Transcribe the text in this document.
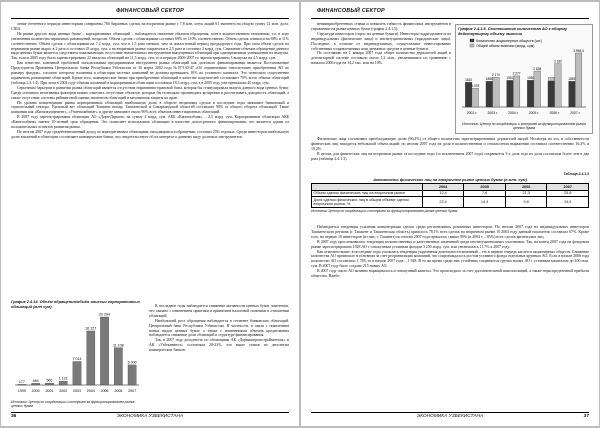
ФИНАНСОВЫЙ СЕКТОР

ление отечетного периода инвесторами совершены 766 биржевых сделок на вторичном рынке с 7,8 млн. штук акций 61 эмитента на общую сумму 12 млн. долл. США.

На рынке другого вида ценных бумаг – корпоративных облигаций – наблюдается снижение объемов обращения, хотя в количественном отношении, т.е. в ходе увеличения количества первичных размещений, возросли. Объем сделок с облигациями составил 69% от 110% соответственно. Объем сделок снизился на 68% и 11% соответственно. Объём сделок с облигациями на 7,2 млрд. сум, что в 1,5 раза меньше, чем за аналогичный период предыдущего года. При этом объем сделок на первичном рынке вырос в 2 раза и составил 43 млрд. сум, а на вторичном рынке сократился в 2,5 раза и составил 2 млрд. сум. Снижение объемов обращения данного вида ценных бумаг является следствием показывающих отсутствие значительных инструментов выпущенных облигаций при одновременном уменьшении их выпуска. Так, если в 2005 году было зарегистрировано 22 выпуска облигаций на 11,5 млрд. сум, то в периоде 2006-2007 гг. зарегистрировано 3 выпуска на 4,5 млрд. сум.

Как известно, ключевой проблемой использования предприятиями инструмента рынка облигаций как долгового финансирования является Постановление Председателя Правления Центрального банка Республики Узбекистан от 30 марта 2002 года №07/130-47 «Об ограничениях относительно приобретения АО по размеру фондов», согласно которому вложения в облигации частных компаний не должны превышать 10% их уставного капитала. Это позволило существенно ограничить размещение облигаций. Кроме того, коммерческие банки при приобретении облигаций в качестве покупателей составляют 70% всего объема облигаций (таблица 2.4.1.4). При этом в 2004 году объемы вложений в корпоративные облигации составили 18,3 млрд. сум, а в 2005 году уже превысили 40 млрд. сум.

Серьезным барьером в развитии рынка облигаций является отсутствие нормативно-правовой базы, которая бы стимулировала выпуск данного вида ценных бумаг. Среди основных негативных факторов можно отметить отсутствие объектов, которые бы позволяли производить котировки и рассчитывать доходность облигаций, а также отсутствие системы рейтинговой оценки эмитентов облигаций и механизмов защиты их прав.

По уровню концентрации рынка корпоративных облигаций наибольшую долю в обороте вторичных сделок в последние годы занимают банковский и строительный сектора. Удельный вес облигаций Тошкент шахар, Ташкентской и Самаркандской областей составляет 90% от общего оборота облигаций. Такие компании как «Кизилкумцемент», «Узметкомбинат» и другие занимают около 90% всех объемов инвестиционных облигаций.

В 2007 году зарегистрированы облигации АО «Дорн-Дармон» на сумму 2 млрд. сум, АКБ «Капиталбанк» – 2,5 млрд. сум. Корпоративные облигации АКБ «Капиталбанк» имеют 10-летний срок обращения. Это позволяет использовать облигации в качестве долгосрочного финансирования, что является одним из положительных аспектов развития рынка.

По итогам 2007 года среднеевзвешенный доход по корпоративным облигациям, находящимся в обращении, составил 25% годовых. Среди инвесторов наибольшую долю вложений в облигации составляют коммерческие банки, что свидетельствует об их интересе к данному виду долговых инструментов.

График 2.4.14. Объём обращения/объём эмиссии корпоративных облигаций (млн сум)
177
1999
484
2000
560
2001
1 121
2002
7 014
2003
16 127
2004
20 294
2005
11 108
2006
6 000
2007
Источник: Центр по координации и контролю за функционированием рынка ценных бумаг

В последние годы наблюдается снижение активности ценных бумаг эмитентов, что связано с изменением практики и принятием налоговой политики в отношении облигаций.

Наибольший рост обращения наблюдается в сегменте банковских облигаций. Центральный банк Республики Узбекистан. В частности, в связи с появлением новых видов ценных бумаг, а также с изменениями объемов кредитования наблюдается снижение доли облигаций в структуре финансирования.

Так, в 2007 году доходность по облигациям АК «Дормашпромстроймонтаж» и АК «Узбекинвест» составляла 20-21%, что выше ставок по депозитам коммерческих банков.

36	ЭКОНОМИКА УЗБЕКИСТАНА
ФИНАНСОВЫЙ СЕКТОР

ненииприобретенных ставки и повысить гибкость финансовых инструментов в управлении на рынке ценных бумаг (график 2.4.1.5).

Структура инвесторов (спрос на ценные бумаги). Инвесторы подразделяются на индивидуальных (физические лица) и институциональных (юридические лица). Последние, в отличие от индивидуальных, осуществляют инвестирование собственных и привлеченных ими денежных средств в ценные бумаги.

По состоянию на 1 января 2007 года общее количество держателей акций в депозитарной системе составило около 1,2 млн., увеличившись по сравнению с началом 2006 года на 14,2 тыс. или на 10%.

График 2.4.1.5. Соотношение количества АО к общему действующему объему эмиссии
Количество акционерных обществ (шт.)
Общий объем эмиссии (млрд. сум)
1810
1 378
2002 г.
1885
2 170
2003 г.
1950
2 277
2004 г.
1956
2 638
2005 г.
1928
3 180
2006 г.
1885
3 958,4
2007 г.
Источник: Центр по координации и контролю за функционированием рынка ценных бумаг

Физические лица составляют преобладающую долю (96,2%) от общего количества зарегистрированных держателей акций. Несмотря на это, в собственности физических лиц находится небольшой объем акций: по итогам 2007 года их доля в количественном и стоимостном выражении составила соответственно 16,2% и 19,2%.

В целом, для физических лиц на вторичном рынке за последние годы (за исключением 2007 года) сохраняется 3-х доля года их доля составляла более чем в два раза (таблица 2.4.1.3).

Таблица 2.4.1.3
Активность физических лиц на вторичном рынке ценных бумаг (в млн. сум)
	2004	2005	2006	2007
Объем сделок физических лиц на вторичном рынке	12,4	7,6	21,3	25,8
Доля сделок физических лиц в общем объеме сделок вторичного рынка, %	23,4	14,4	9,8	19,5
Источник: Центр по координации и контролю за функционированием рынка ценных бумаг

Наблюдается тенденция усиления концентрации сделок среди региональных розничных инвесторов. По итогам 2007 года на индивидуальных инвесторов Ташкентского региона (г. Ташкент и Ташкентская область) пришлось 78,1% всех сделок на вторичном рынке. В 2004 году данный показатель составлял 67%. Кроме того, на первую 10 инвесторов (из них, г. Ташкент) по итогам 2007 года пришлось свыше 90% (в 2004 г. – 85%) всех сделок физических лиц.

В 2007 году прослеживалась тенденция количественных и качественных изменений среди институциональных участников. Так, на конец 2007 года на фондовом рынке зарегистрировано 1928 АО с совокупным уставным фондом 3 250 млрд. сум, или увеличилась 11,7% к 2007 году.

Как отмечено выше, в последние годы усилилась тенденция укрупнения деятельности компаний – это в первую очередь касается акционерных обществ. Снижение количества АО произошло в основном за счет реорганизации компаний, что сопровождалось ростом уставного фонда отдельных крупных АО. Если в начале 2006 года количество АО составляло 1 785, то в начале 2007 года – 1 928. В то же время среди них устойчиво сохраняется группа малых АО с уставным капиталом до 100 млн. сум. В 2007 году было создано 215 новых АО.

В 2007 году число АО активно наращивалось и совокупный капитал. Это происходило за счет дополнительной эмиссии акций, а также нераспределенной прибыли общества. Наибо-

ЭКОНОМИКА УЗБЕКИСТАНА	37
